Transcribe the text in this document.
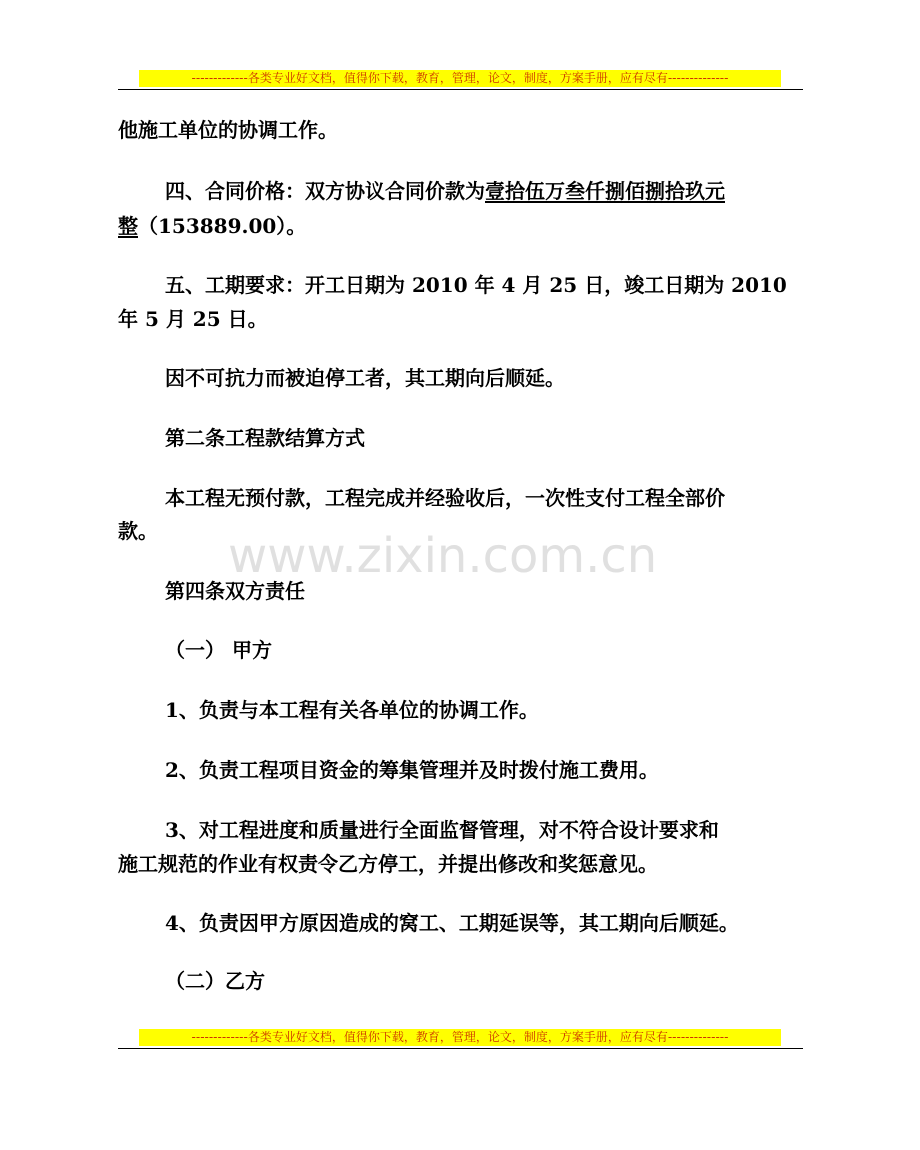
-------------各类专业好文档，值得你下载，教育，管理，论文，制度，方案手册，应有尽有--------------
www.zixin.com.cn
他施工单位的协调工作。
四、合同价格：双方协议合同价款为壹拾伍万叁仟捌佰捌拾玖元
整（153889.00）。
五、工期要求：开工日期为 2010 年 4 月 25 日，竣工日期为 2010
年 5 月 25 日。
因不可抗力而被迫停工者，其工期向后顺延。
第二条工程款结算方式
本工程无预付款，工程完成并经验收后，一次性支付工程全部价
款。
第四条双方责任
（一） 甲方
1、负责与本工程有关各单位的协调工作。
2、负责工程项目资金的筹集管理并及时拨付施工费用。
3、对工程进度和质量进行全面监督管理，对不符合设计要求和
施工规范的作业有权责令乙方停工，并提出修改和奖惩意见。
4、负责因甲方原因造成的窝工、工期延误等，其工期向后顺延。
（二）乙方
-------------各类专业好文档，值得你下载，教育，管理，论文，制度，方案手册，应有尽有--------------
